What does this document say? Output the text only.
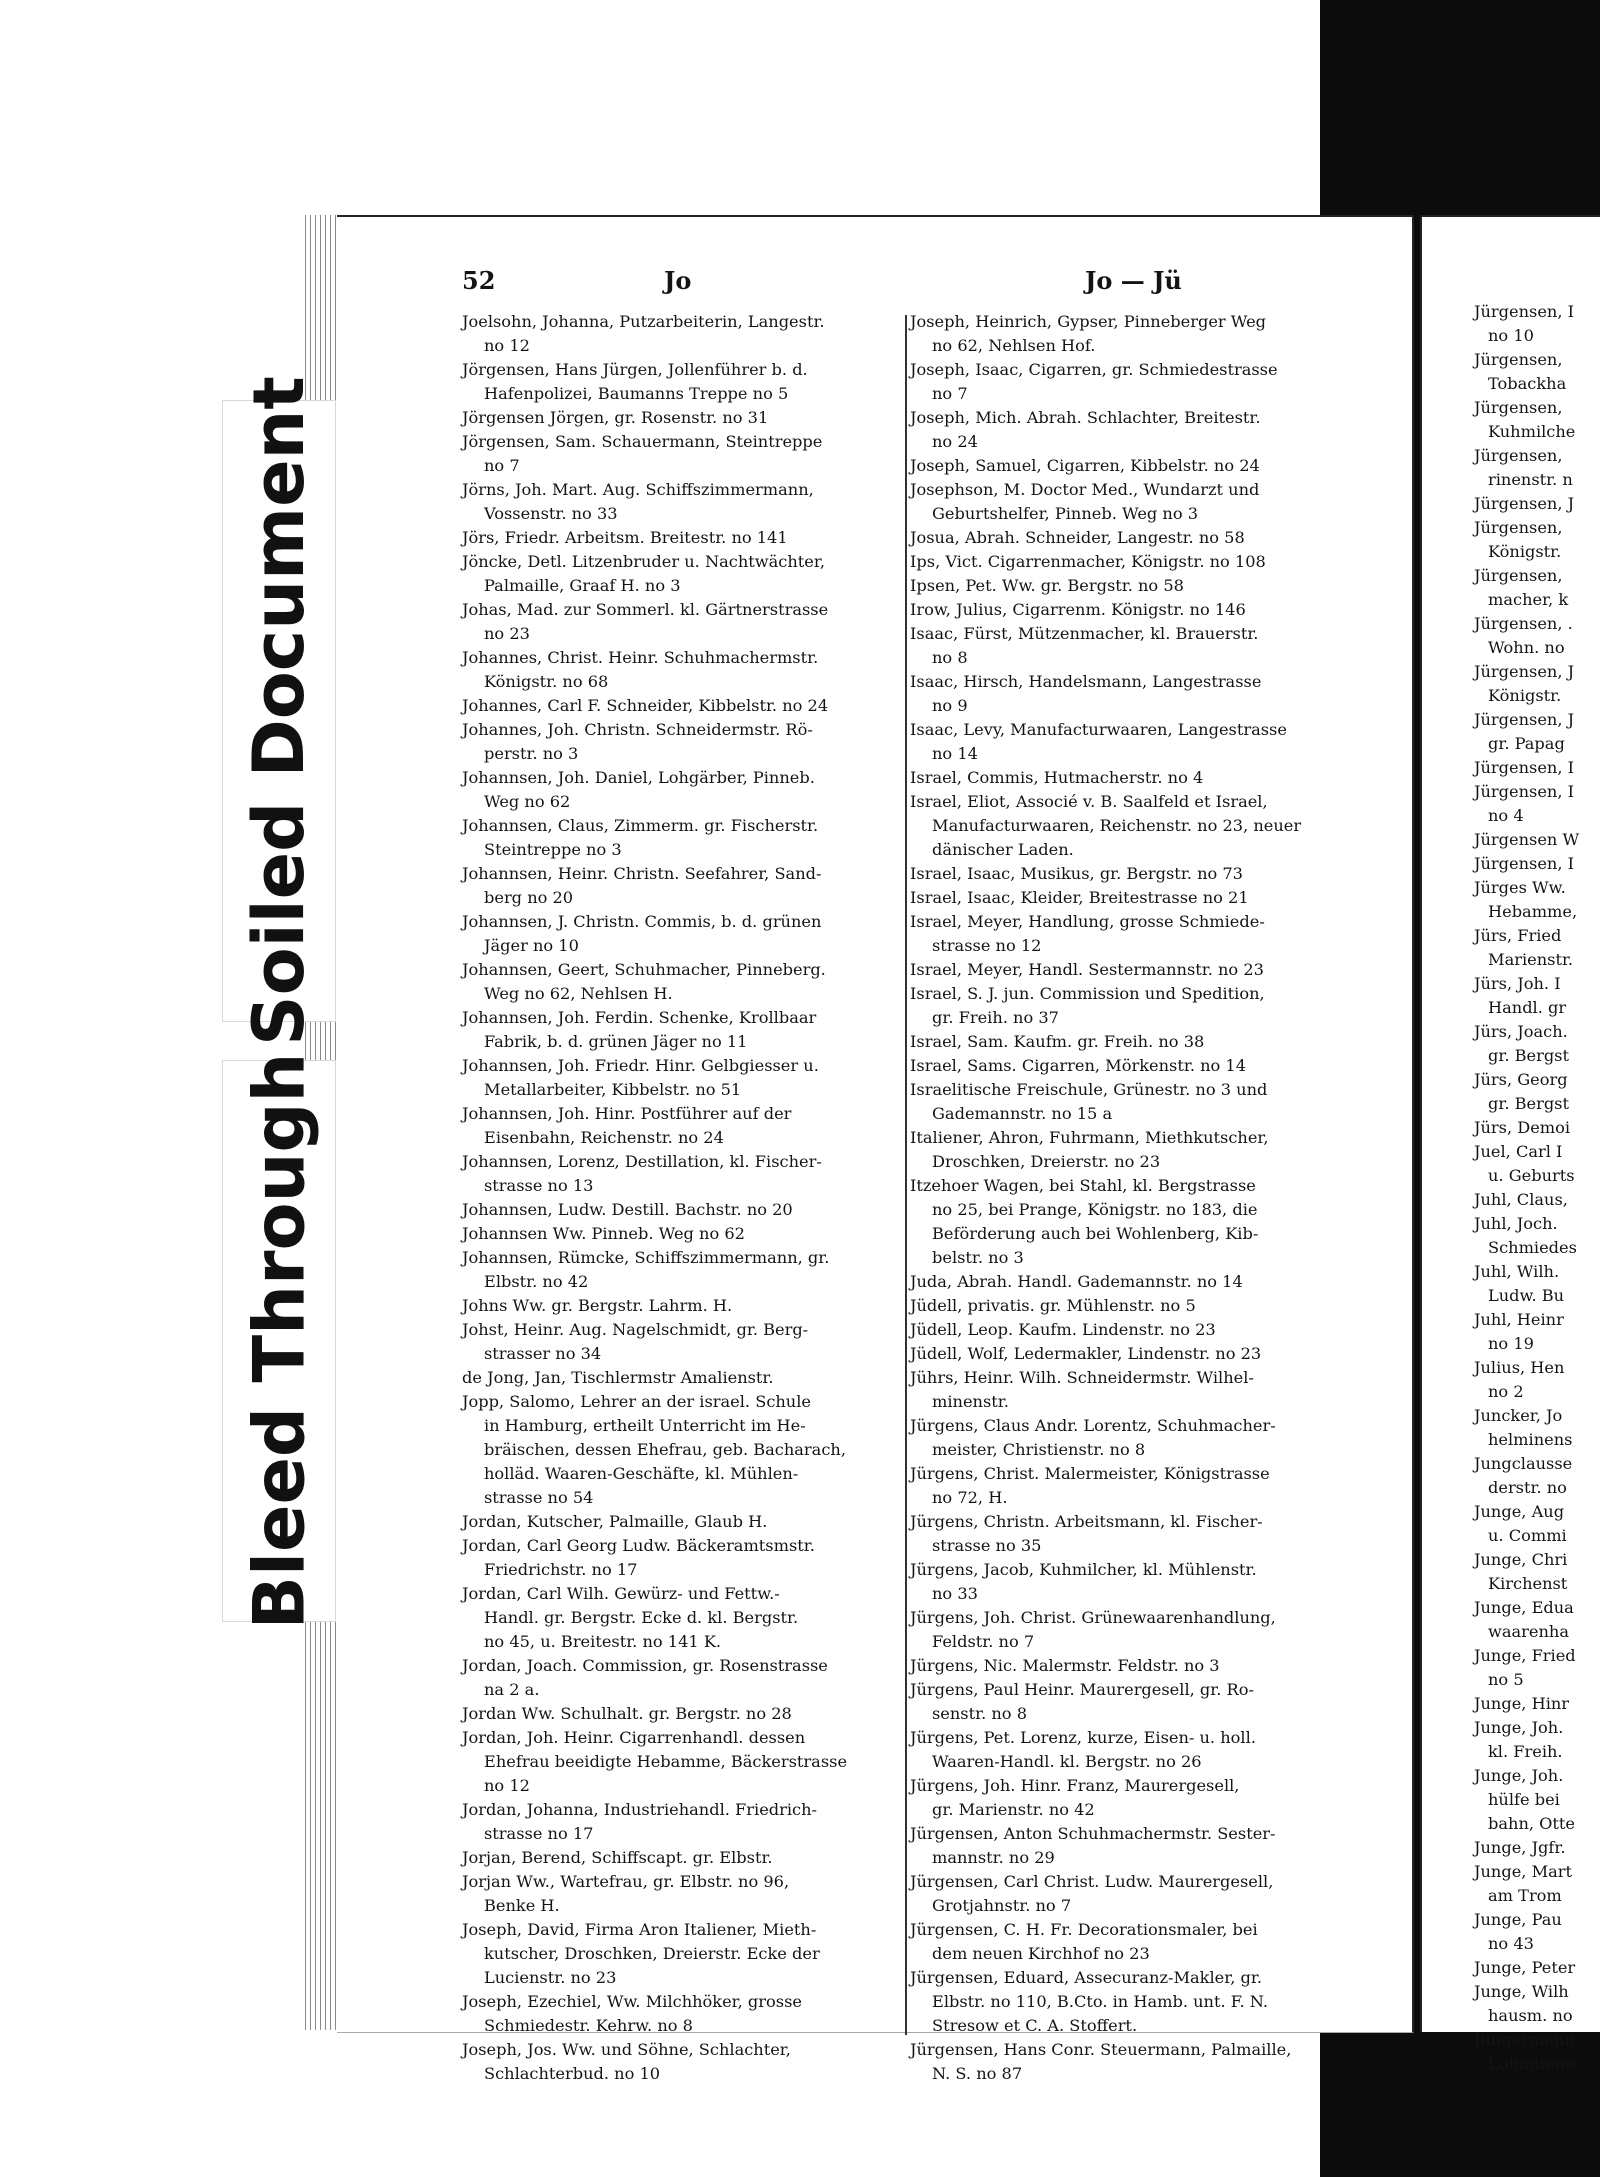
Soiled Document
Bleed Through
52	Jo	Jo — Jü
Joelsohn, Johanna, Putzarbeiterin, Langestr.
no 12
Jörgensen, Hans Jürgen, Jollenführer b. d.
Hafenpolizei, Baumanns Treppe no 5
Jörgensen Jörgen, gr. Rosenstr. no 31
Jörgensen, Sam. Schauermann, Steintreppe
no 7
Jörns, Joh. Mart. Aug. Schiffszimmermann,
Vossenstr. no 33
Jörs, Friedr. Arbeitsm. Breitestr. no 141
Jöncke, Detl. Litzenbruder u. Nachtwächter,
Palmaille, Graaf H. no 3
Johas, Mad. zur Sommerl. kl. Gärtnerstrasse
no 23
Johannes, Christ. Heinr. Schuhmachermstr.
Königstr. no 68
Johannes, Carl F. Schneider, Kibbelstr. no 24
Johannes, Joh. Christn. Schneidermstr. Rö-
perstr. no 3
Johannsen, Joh. Daniel, Lohgärber, Pinneb.
Weg no 62
Johannsen, Claus, Zimmerm. gr. Fischerstr.
Steintreppe no 3
Johannsen, Heinr. Christn. Seefahrer, Sand-
berg no 20
Johannsen, J. Christn. Commis, b. d. grünen
Jäger no 10
Johannsen, Geert, Schuhmacher, Pinneberg.
Weg no 62, Nehlsen H.
Johannsen, Joh. Ferdin. Schenke, Krollbaar
Fabrik, b. d. grünen Jäger no 11
Johannsen, Joh. Friedr. Hinr. Gelbgiesser u.
Metallarbeiter, Kibbelstr. no 51
Johannsen, Joh. Hinr. Postführer auf der
Eisenbahn, Reichenstr. no 24
Johannsen, Lorenz, Destillation, kl. Fischer-
strasse no 13
Johannsen, Ludw. Destill. Bachstr. no 20
Johannsen Ww. Pinneb. Weg no 62
Johannsen, Rümcke, Schiffszimmermann, gr.
Elbstr. no 42
Johns Ww. gr. Bergstr. Lahrm. H.
Johst, Heinr. Aug. Nagelschmidt, gr. Berg-
strasser no 34
de Jong, Jan, Tischlermstr Amalienstr.
Jopp, Salomo, Lehrer an der israel. Schule
in Hamburg, ertheilt Unterricht im He-
bräischen, dessen Ehefrau, geb. Bacharach,
holläd. Waaren-Geschäfte, kl. Mühlen-
strasse no 54
Jordan, Kutscher, Palmaille, Glaub H.
Jordan, Carl Georg Ludw. Bäckeramtsmstr.
Friedrichstr. no 17
Jordan, Carl Wilh. Gewürz- und Fettw.-
Handl. gr. Bergstr. Ecke d. kl. Bergstr.
no 45, u. Breitestr. no 141 K.
Jordan, Joach. Commission, gr. Rosenstrasse
na 2 a.
Jordan Ww. Schulhalt. gr. Bergstr. no 28
Jordan, Joh. Heinr. Cigarrenhandl. dessen
Ehefrau beeidigte Hebamme, Bäckerstrasse
no 12
Jordan, Johanna, Industriehandl. Friedrich-
strasse no 17
Jorjan, Berend, Schiffscapt. gr. Elbstr.
Jorjan Ww., Wartefrau, gr. Elbstr. no 96,
Benke H.
Joseph, David, Firma Aron Italiener, Mieth-
kutscher, Droschken, Dreierstr. Ecke der
Lucienstr. no 23
Joseph, Ezechiel, Ww. Milchhöker, grosse
Schmiedestr. Kehrw. no 8
Joseph, Jos. Ww. und Söhne, Schlachter,
Schlachterbud. no 10
Joseph, Heinrich, Gypser, Pinneberger Weg
no 62, Nehlsen Hof.
Joseph, Isaac, Cigarren, gr. Schmiedestrasse
no 7
Joseph, Mich. Abrah. Schlachter, Breitestr.
no 24
Joseph, Samuel, Cigarren, Kibbelstr. no 24
Josephson, M. Doctor Med., Wundarzt und
Geburtshelfer, Pinneb. Weg no 3
Josua, Abrah. Schneider, Langestr. no 58
Ips, Vict. Cigarrenmacher, Königstr. no 108
Ipsen, Pet. Ww. gr. Bergstr. no 58
Irow, Julius, Cigarrenm. Königstr. no 146
Isaac, Fürst, Mützenmacher, kl. Brauerstr.
no 8
Isaac, Hirsch, Handelsmann, Langestrasse
no 9
Isaac, Levy, Manufacturwaaren, Langestrasse
no 14
Israel, Commis, Hutmacherstr. no 4
Israel, Eliot, Associé v. B. Saalfeld et Israel,
Manufacturwaaren, Reichenstr. no 23, neuer
dänischer Laden.
Israel, Isaac, Musikus, gr. Bergstr. no 73
Israel, Isaac, Kleider, Breitestrasse no 21
Israel, Meyer, Handlung, grosse Schmiede-
strasse no 12
Israel, Meyer, Handl. Sestermannstr. no 23
Israel, S. J. jun. Commission und Spedition,
gr. Freih. no 37
Israel, Sam. Kaufm. gr. Freih. no 38
Israel, Sams. Cigarren, Mörkenstr. no 14
Israelitische Freischule, Grünestr. no 3 und
Gademannstr. no 15 a
Italiener, Ahron, Fuhrmann, Miethkutscher,
Droschken, Dreierstr. no 23
Itzehoer Wagen, bei Stahl, kl. Bergstrasse
no 25, bei Prange, Königstr. no 183, die
Beförderung auch bei Wohlenberg, Kib-
belstr. no 3
Juda, Abrah. Handl. Gademannstr. no 14
Jüdell, privatis. gr. Mühlenstr. no 5
Jüdell, Leop. Kaufm. Lindenstr. no 23
Jüdell, Wolf, Ledermakler, Lindenstr. no 23
Jührs, Heinr. Wilh. Schneidermstr. Wilhel-
minenstr.
Jürgens, Claus Andr. Lorentz, Schuhmacher-
meister, Christienstr. no 8
Jürgens, Christ. Malermeister, Königstrasse
no 72, H.
Jürgens, Christn. Arbeitsmann, kl. Fischer-
strasse no 35
Jürgens, Jacob, Kuhmilcher, kl. Mühlenstr.
no 33
Jürgens, Joh. Christ. Grünewaarenhandlung,
Feldstr. no 7
Jürgens, Nic. Malermstr. Feldstr. no 3
Jürgens, Paul Heinr. Maurergesell, gr. Ro-
senstr. no 8
Jürgens, Pet. Lorenz, kurze, Eisen- u. holl.
Waaren-Handl. kl. Bergstr. no 26
Jürgens, Joh. Hinr. Franz, Maurergesell,
gr. Marienstr. no 42
Jürgensen, Anton Schuhmachermstr. Sester-
mannstr. no 29
Jürgensen, Carl Christ. Ludw. Maurergesell,
Grotjahnstr. no 7
Jürgensen, C. H. Fr. Decorationsmaler, bei
dem neuen Kirchhof no 23
Jürgensen, Eduard, Assecuranz-Makler, gr.
Elbstr. no 110, B.Cto. in Hamb. unt. F. N.
Stresow et C. A. Stoffert.
Jürgensen, Hans Conr. Steuermann, Palmaille,
N. S. no 87
Jürgensen, I
no 10
Jürgensen,
Tobackha
Jürgensen,
Kuhmilche
Jürgensen,
rinenstr. n
Jürgensen, J
Jürgensen,
Königstr.
Jürgensen,
macher, k
Jürgensen, .
Wohn. no
Jürgensen, J
Königstr.
Jürgensen, J
gr. Papag
Jürgensen, I
Jürgensen, I
no 4
Jürgensen W
Jürgensen, I
Jürges Ww.
Hebamme,
Jürs, Fried
Marienstr.
Jürs, Joh. I
Handl. gr
Jürs, Joach.
gr. Bergst
Jürs, Georg
gr. Bergst
Jürs, Demoi
Juel, Carl I
u. Geburts
Juhl, Claus,
Juhl, Joch.
Schmiedes
Juhl, Wilh.
Ludw. Bu
Juhl, Heinr
no 19
Julius, Hen
no 2
Juncker, Jo
helminens
Jungclausse
derstr. no
Junge, Aug
u. Commi
Junge, Chri
Kirchenst
Junge, Edua
waarenha
Junge, Fried
no 5
Junge, Hinr
Junge, Joh.
kl. Freih.
Junge, Joh.
hülfe bei
bahn, Otte
Junge, Jgfr.
Junge, Mart
am Trom
Junge, Pau
no 43
Junge, Peter
Junge, Wilh
hausm. no
Jungermann
Lohndiene
